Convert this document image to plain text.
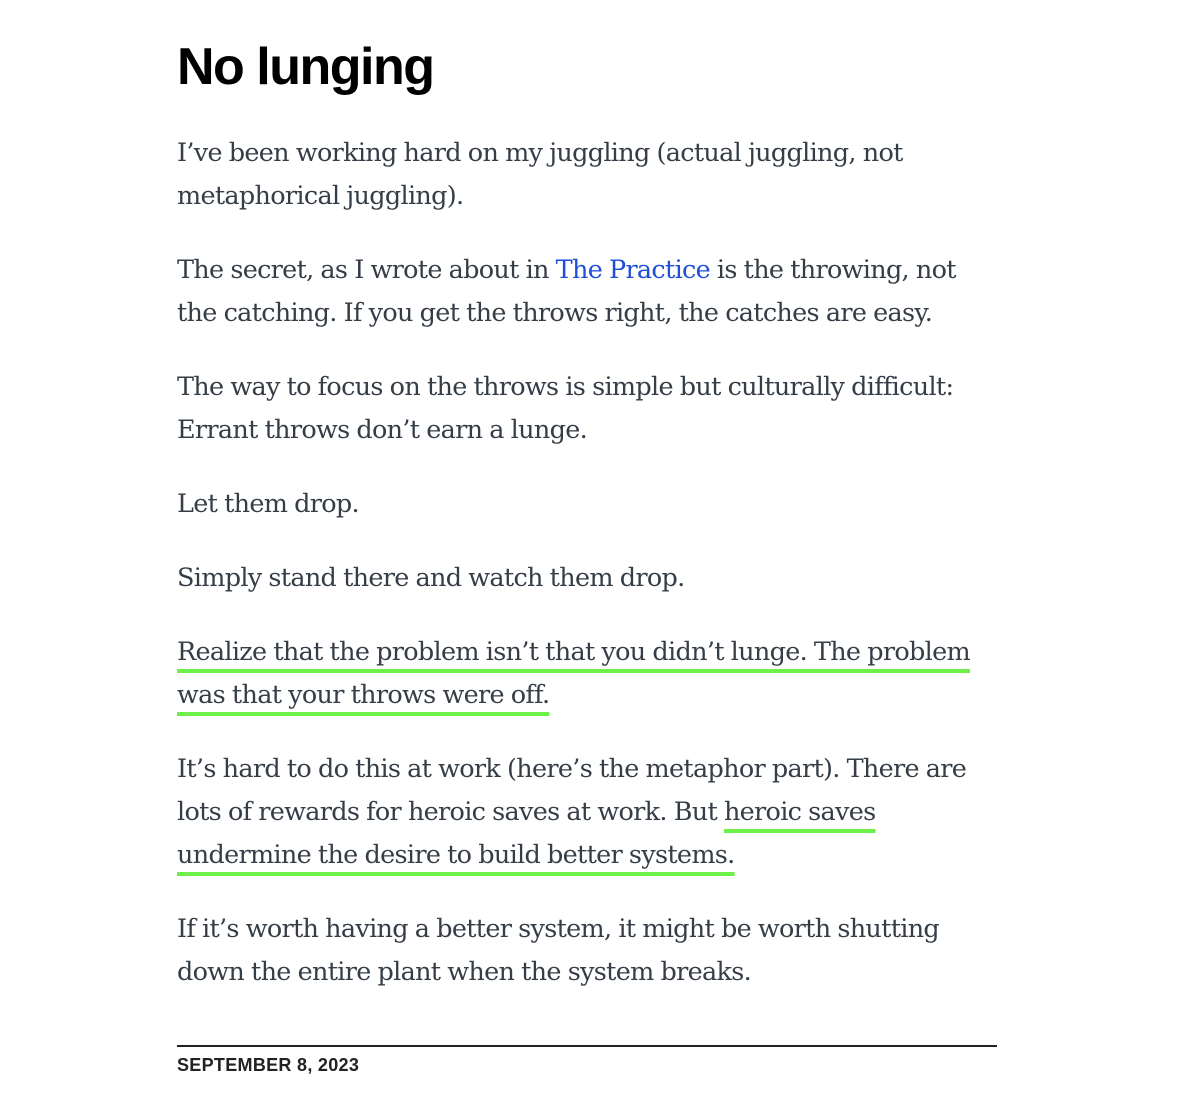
No lunging

I’ve been working hard on my juggling (actual juggling, not metaphorical juggling).

The secret, as I wrote about in The Practice is the throwing, not the catching. If you get the throws right, the catches are easy.

The way to focus on the throws is simple but culturally difficult: Errant throws don’t earn a lunge.

Let them drop.

Simply stand there and watch them drop.

Realize that the problem isn’t that you didn’t lunge. The problem was that your throws were off.

It’s hard to do this at work (here’s the metaphor part). There are lots of rewards for heroic saves at work. But heroic saves undermine the desire to build better systems.

If it’s worth having a better system, it might be worth shutting down the entire plant when the system breaks.

SEPTEMBER 8, 2023
